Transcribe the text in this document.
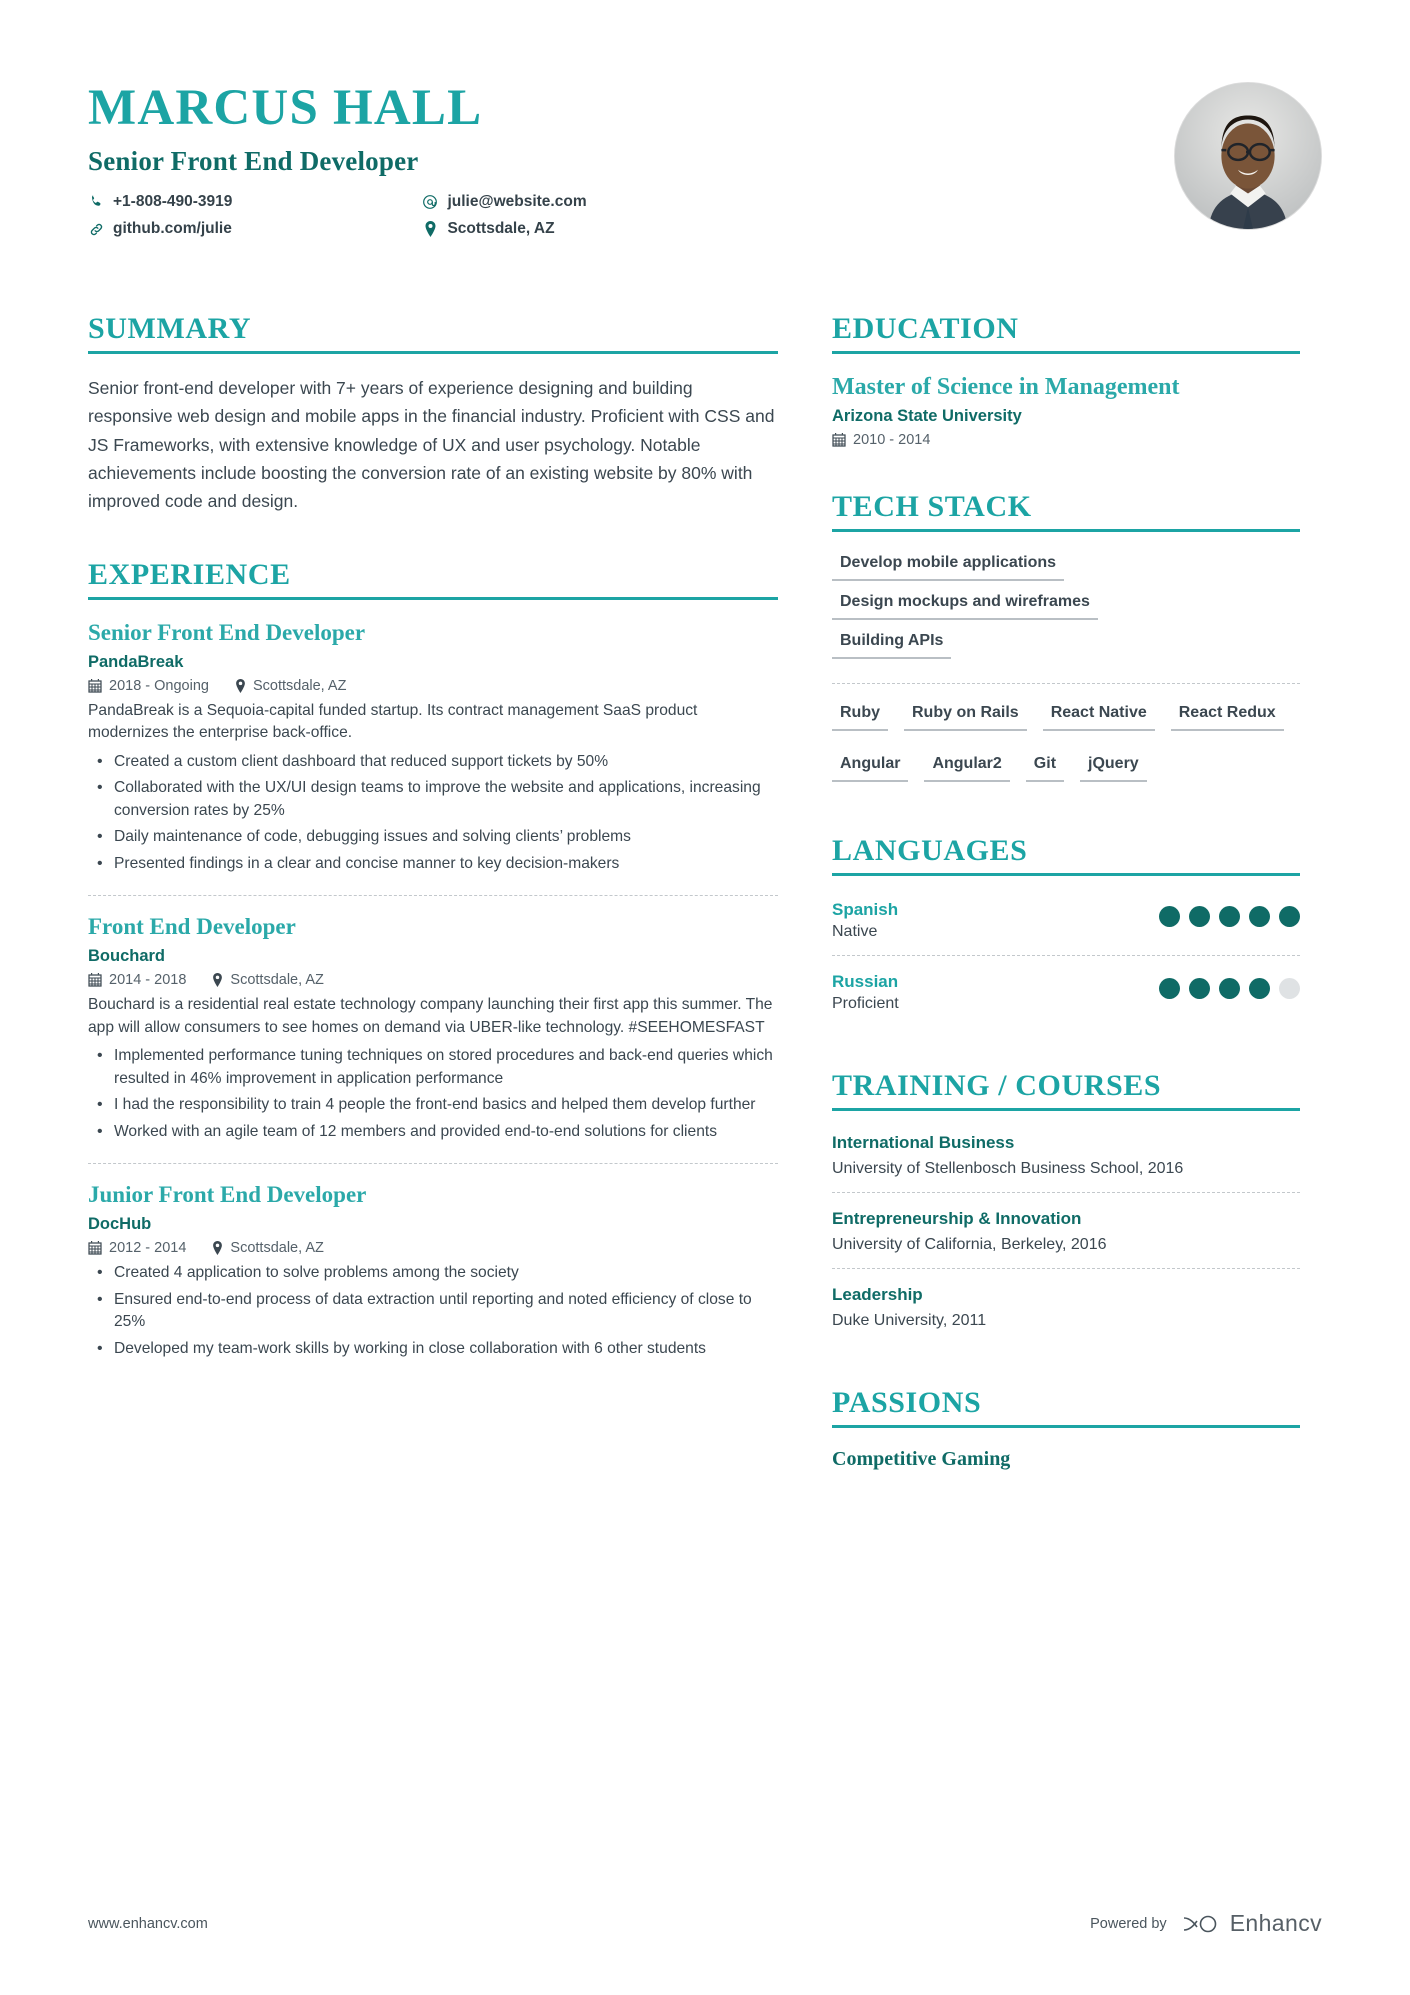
MARCUS HALL
Senior Front End Developer
+1-808-490-3919
github.com/julie

julie@website.com
Scottsdale, AZ
SUMMARY

Senior front-end developer with 7+ years of experience designing and building responsive web design and mobile apps in the financial industry. Proficient with CSS and JS Frameworks, with extensive knowledge of UX and user psychology. Notable achievements include boosting the conversion rate of an existing website by 80% with improved code and design.

EXPERIENCE
Senior Front End Developer
PandaBreak
2018 - Ongoing	Scottsdale, AZ
PandaBreak is a Sequoia-capital funded startup. Its contract management SaaS product modernizes the enterprise back-office.
• Created a custom client dashboard that reduced support tickets by 50%
• Collaborated with the UX/UI design teams to improve the website and applications, increasing conversion rates by 25%
• Daily maintenance of code, debugging issues and solving clients’ problems
• Presented findings in a clear and concise manner to key decision-makers
Front End Developer
Bouchard
2014 - 2018	Scottsdale, AZ
Bouchard is a residential real estate technology company launching their first app this summer. The app will allow consumers to see homes on demand via UBER-like technology. #SEEHOMESFAST
• Implemented performance tuning techniques on stored procedures and back-end queries which resulted in 46% improvement in application performance
• I had the responsibility to train 4 people the front-end basics and helped them develop further
• Worked with an agile team of 12 members and provided end-to-end solutions for clients
Junior Front End Developer
DocHub
2012 - 2014	Scottsdale, AZ
• Created 4 application to solve problems among the society
• Ensured end-to-end process of data extraction until reporting and noted efficiency of close to 25%
• Developed my team-work skills by working in close collaboration with 6 other students
EDUCATION
Master of Science in Management
Arizona State University
2010 - 2014
TECH STACK
Develop mobile applications
Design mockups and wireframes
Building APIs
Ruby	Ruby on Rails	React Native	React Redux
Angular	Angular2	Git	jQuery
LANGUAGES
Spanish
Native
Russian
Proficient
TRAINING / COURSES
International Business
University of Stellenbosch Business School, 2016
Entrepreneurship & Innovation
University of California, Berkeley, 2016
Leadership
Duke University, 2011
PASSIONS
Competitive Gaming
www.enhancv.com	Powered by	Enhancv
